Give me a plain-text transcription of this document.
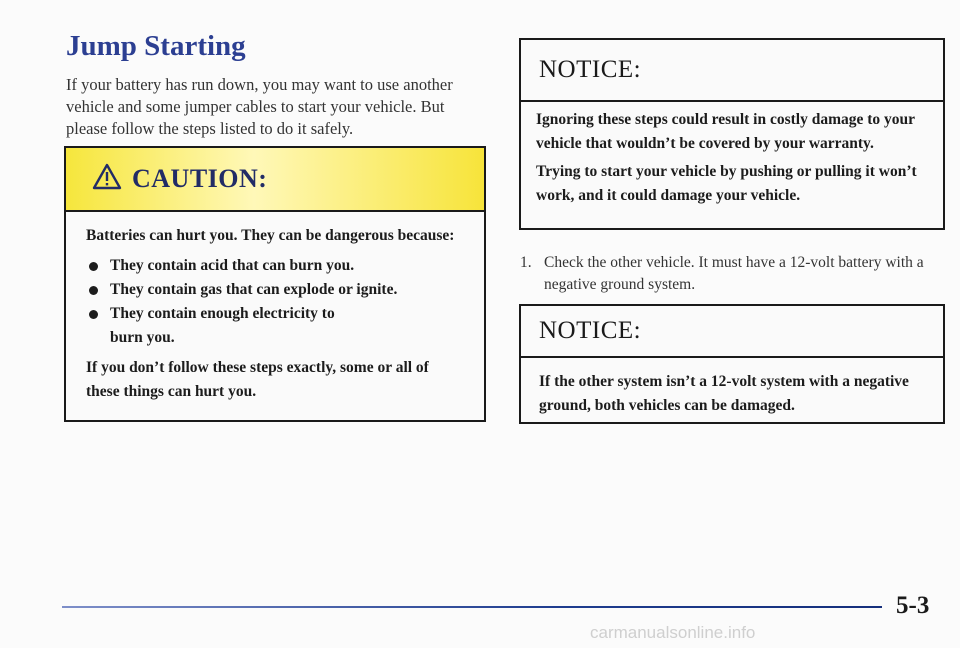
Jump Starting
If your battery has run down, you may want to use another vehicle and some jumper cables to start your vehicle. But please follow the steps listed to do it safely.
CAUTION:
Batteries can hurt you. They can be dangerous because:
They contain acid that can burn you.
They contain gas that can explode or ignite.
They contain enough electricity to burn you.
If you don’t follow these steps exactly, some or all of these things can hurt you.
NOTICE:

Ignoring these steps could result in costly damage to your vehicle that wouldn’t be covered by your warranty.

Trying to start your vehicle by pushing or pulling it won’t work, and it could damage your vehicle.

1. Check the other vehicle. It must have a 12-volt battery with a negative ground system.
NOTICE:

If the other system isn’t a 12-volt system with a negative ground, both vehicles can be damaged.

5-3
carmanualsonline.info
